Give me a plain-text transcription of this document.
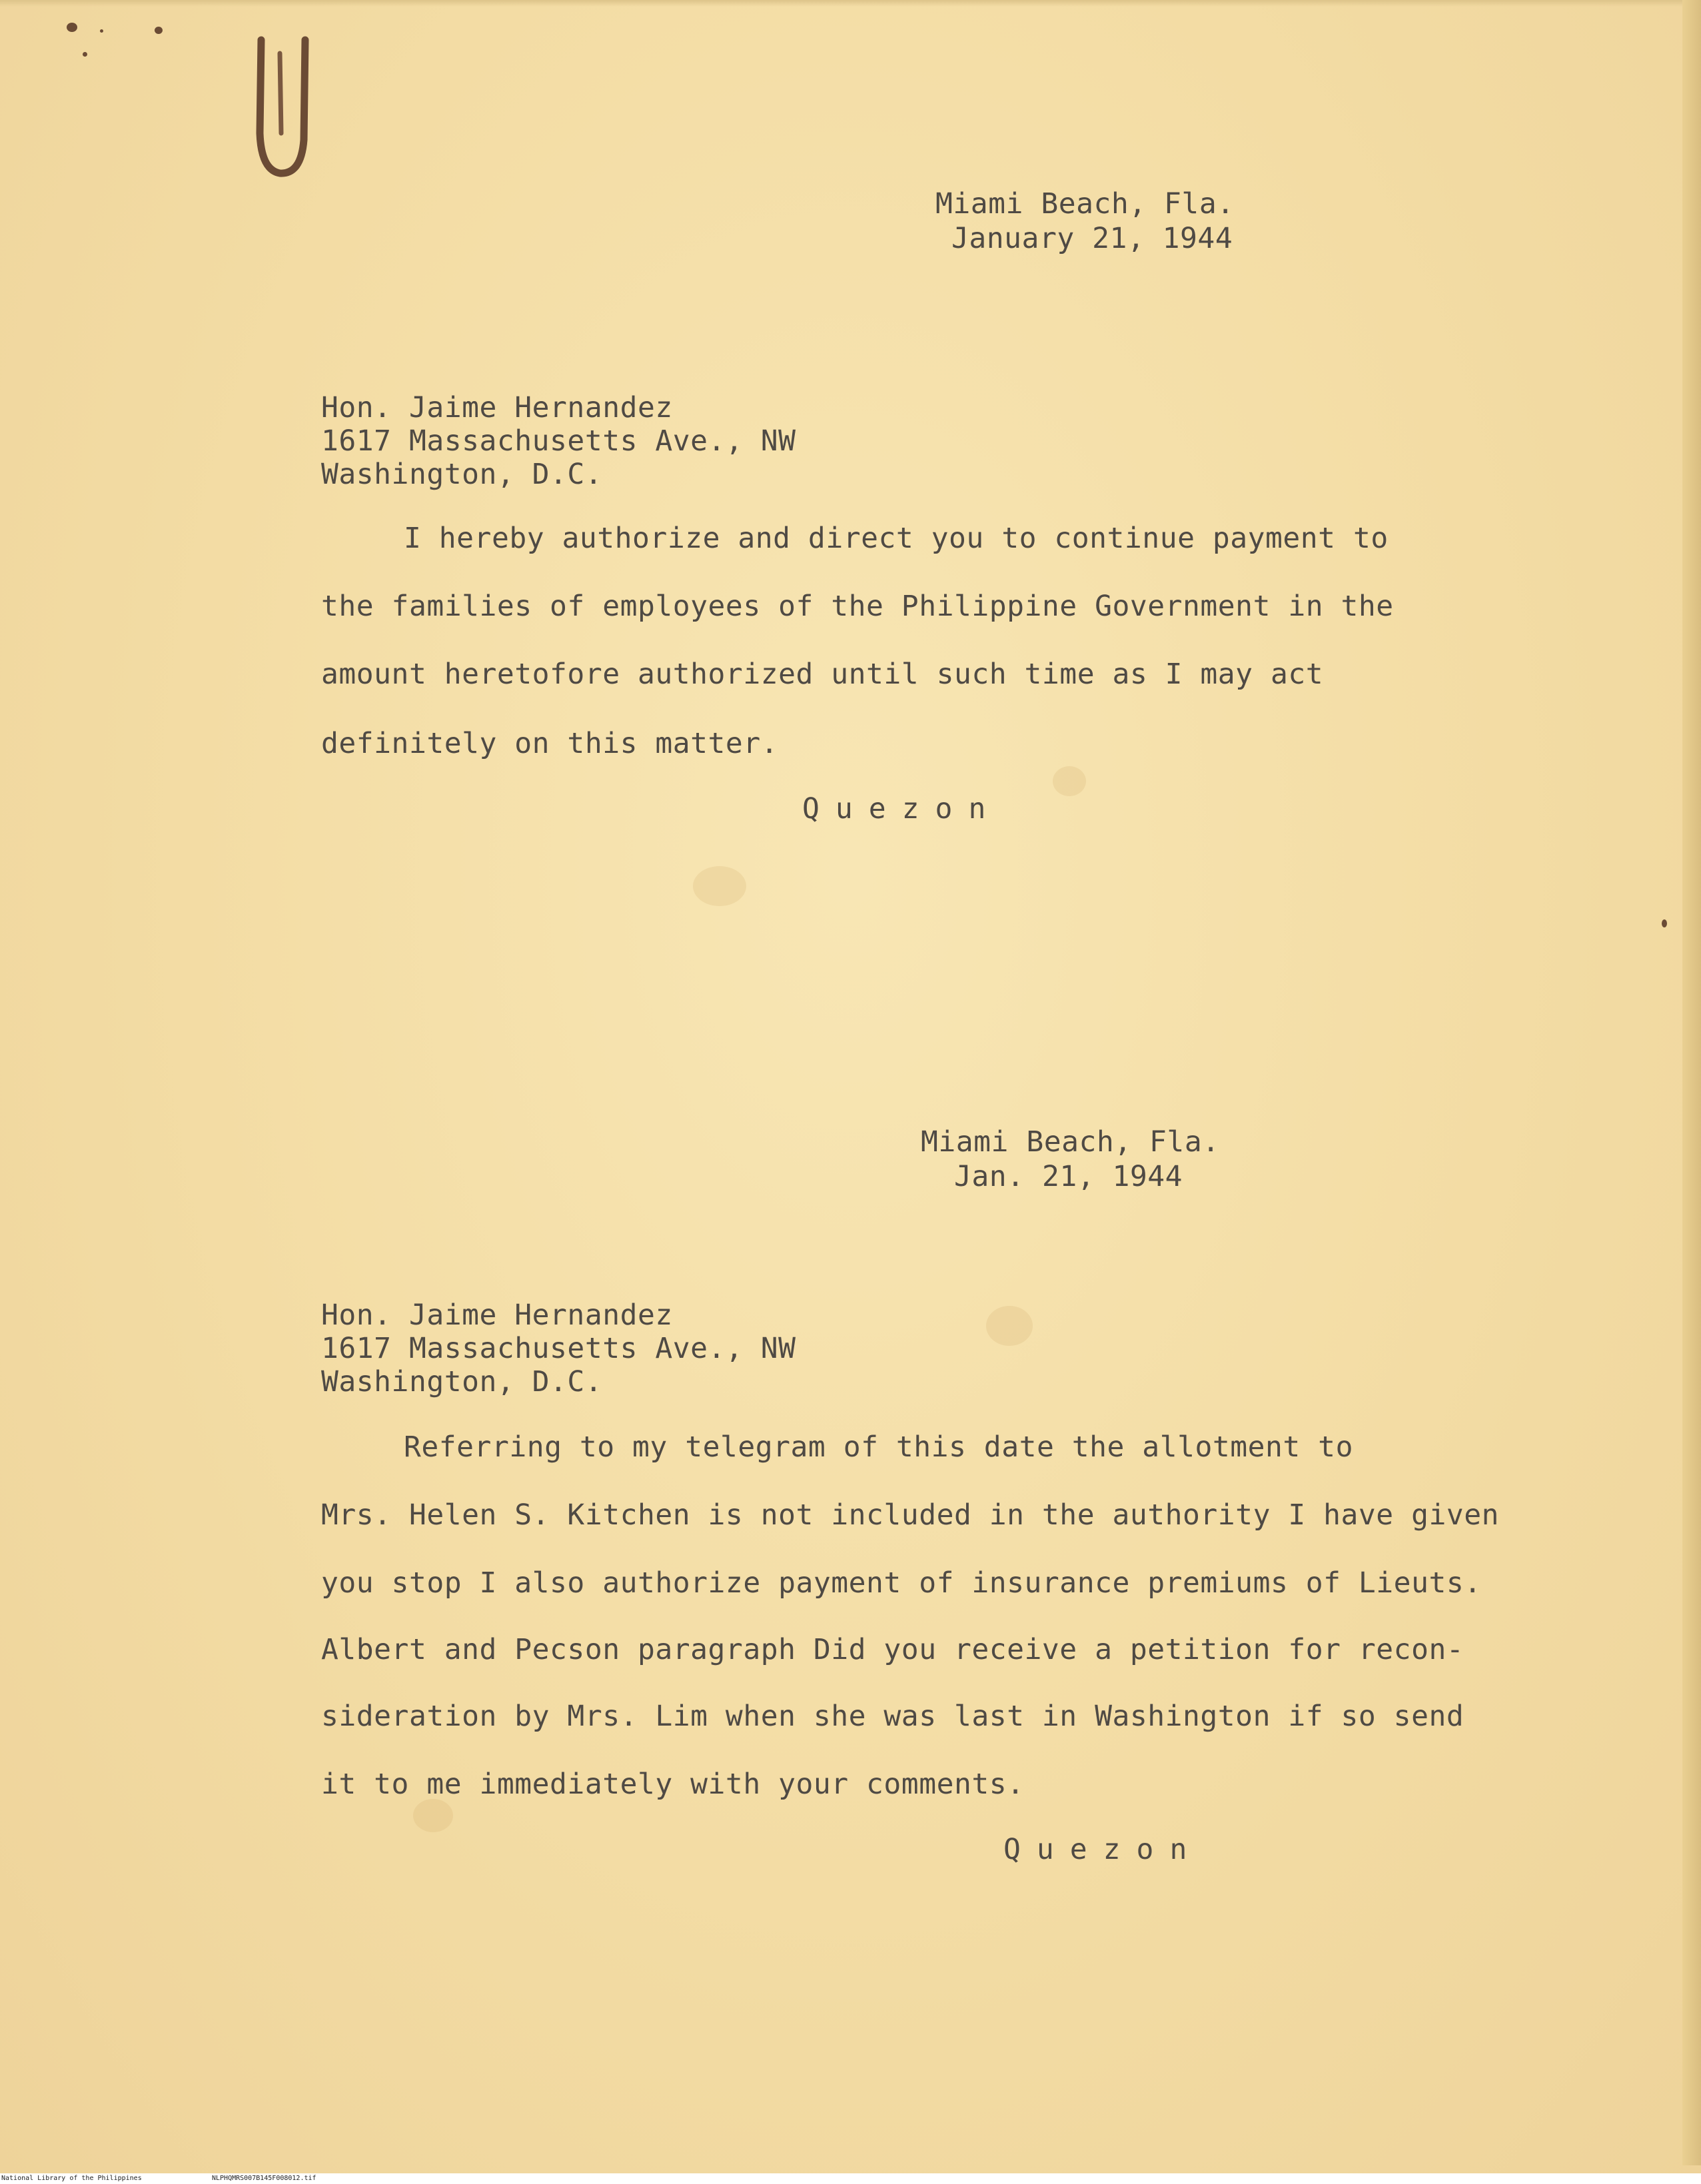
Miami Beach, Fla.
January 21, 1944
Hon. Jaime Hernandez
1617 Massachusetts Ave., NW
Washington, D.C.
I hereby authorize and direct you to continue payment to
the families of employees of the Philippine Government in the
amount heretofore authorized until such time as I may act
definitely on this matter.
Quezon
Miami Beach, Fla.
Jan. 21, 1944
Hon. Jaime Hernandez
1617 Massachusetts Ave., NW
Washington, D.C.
Referring to my telegram of this date the allotment to
Mrs. Helen S. Kitchen is not included in the authority I have given
you stop I also authorize payment of insurance premiums of Lieuts.
Albert and Pecson paragraph Did you receive a petition for recon-
sideration by Mrs. Lim when she was last in Washington if so send
it to me immediately with your comments.
Quezon
National Library of the Philippines	NLPHQMRS007B145F008012.tif
